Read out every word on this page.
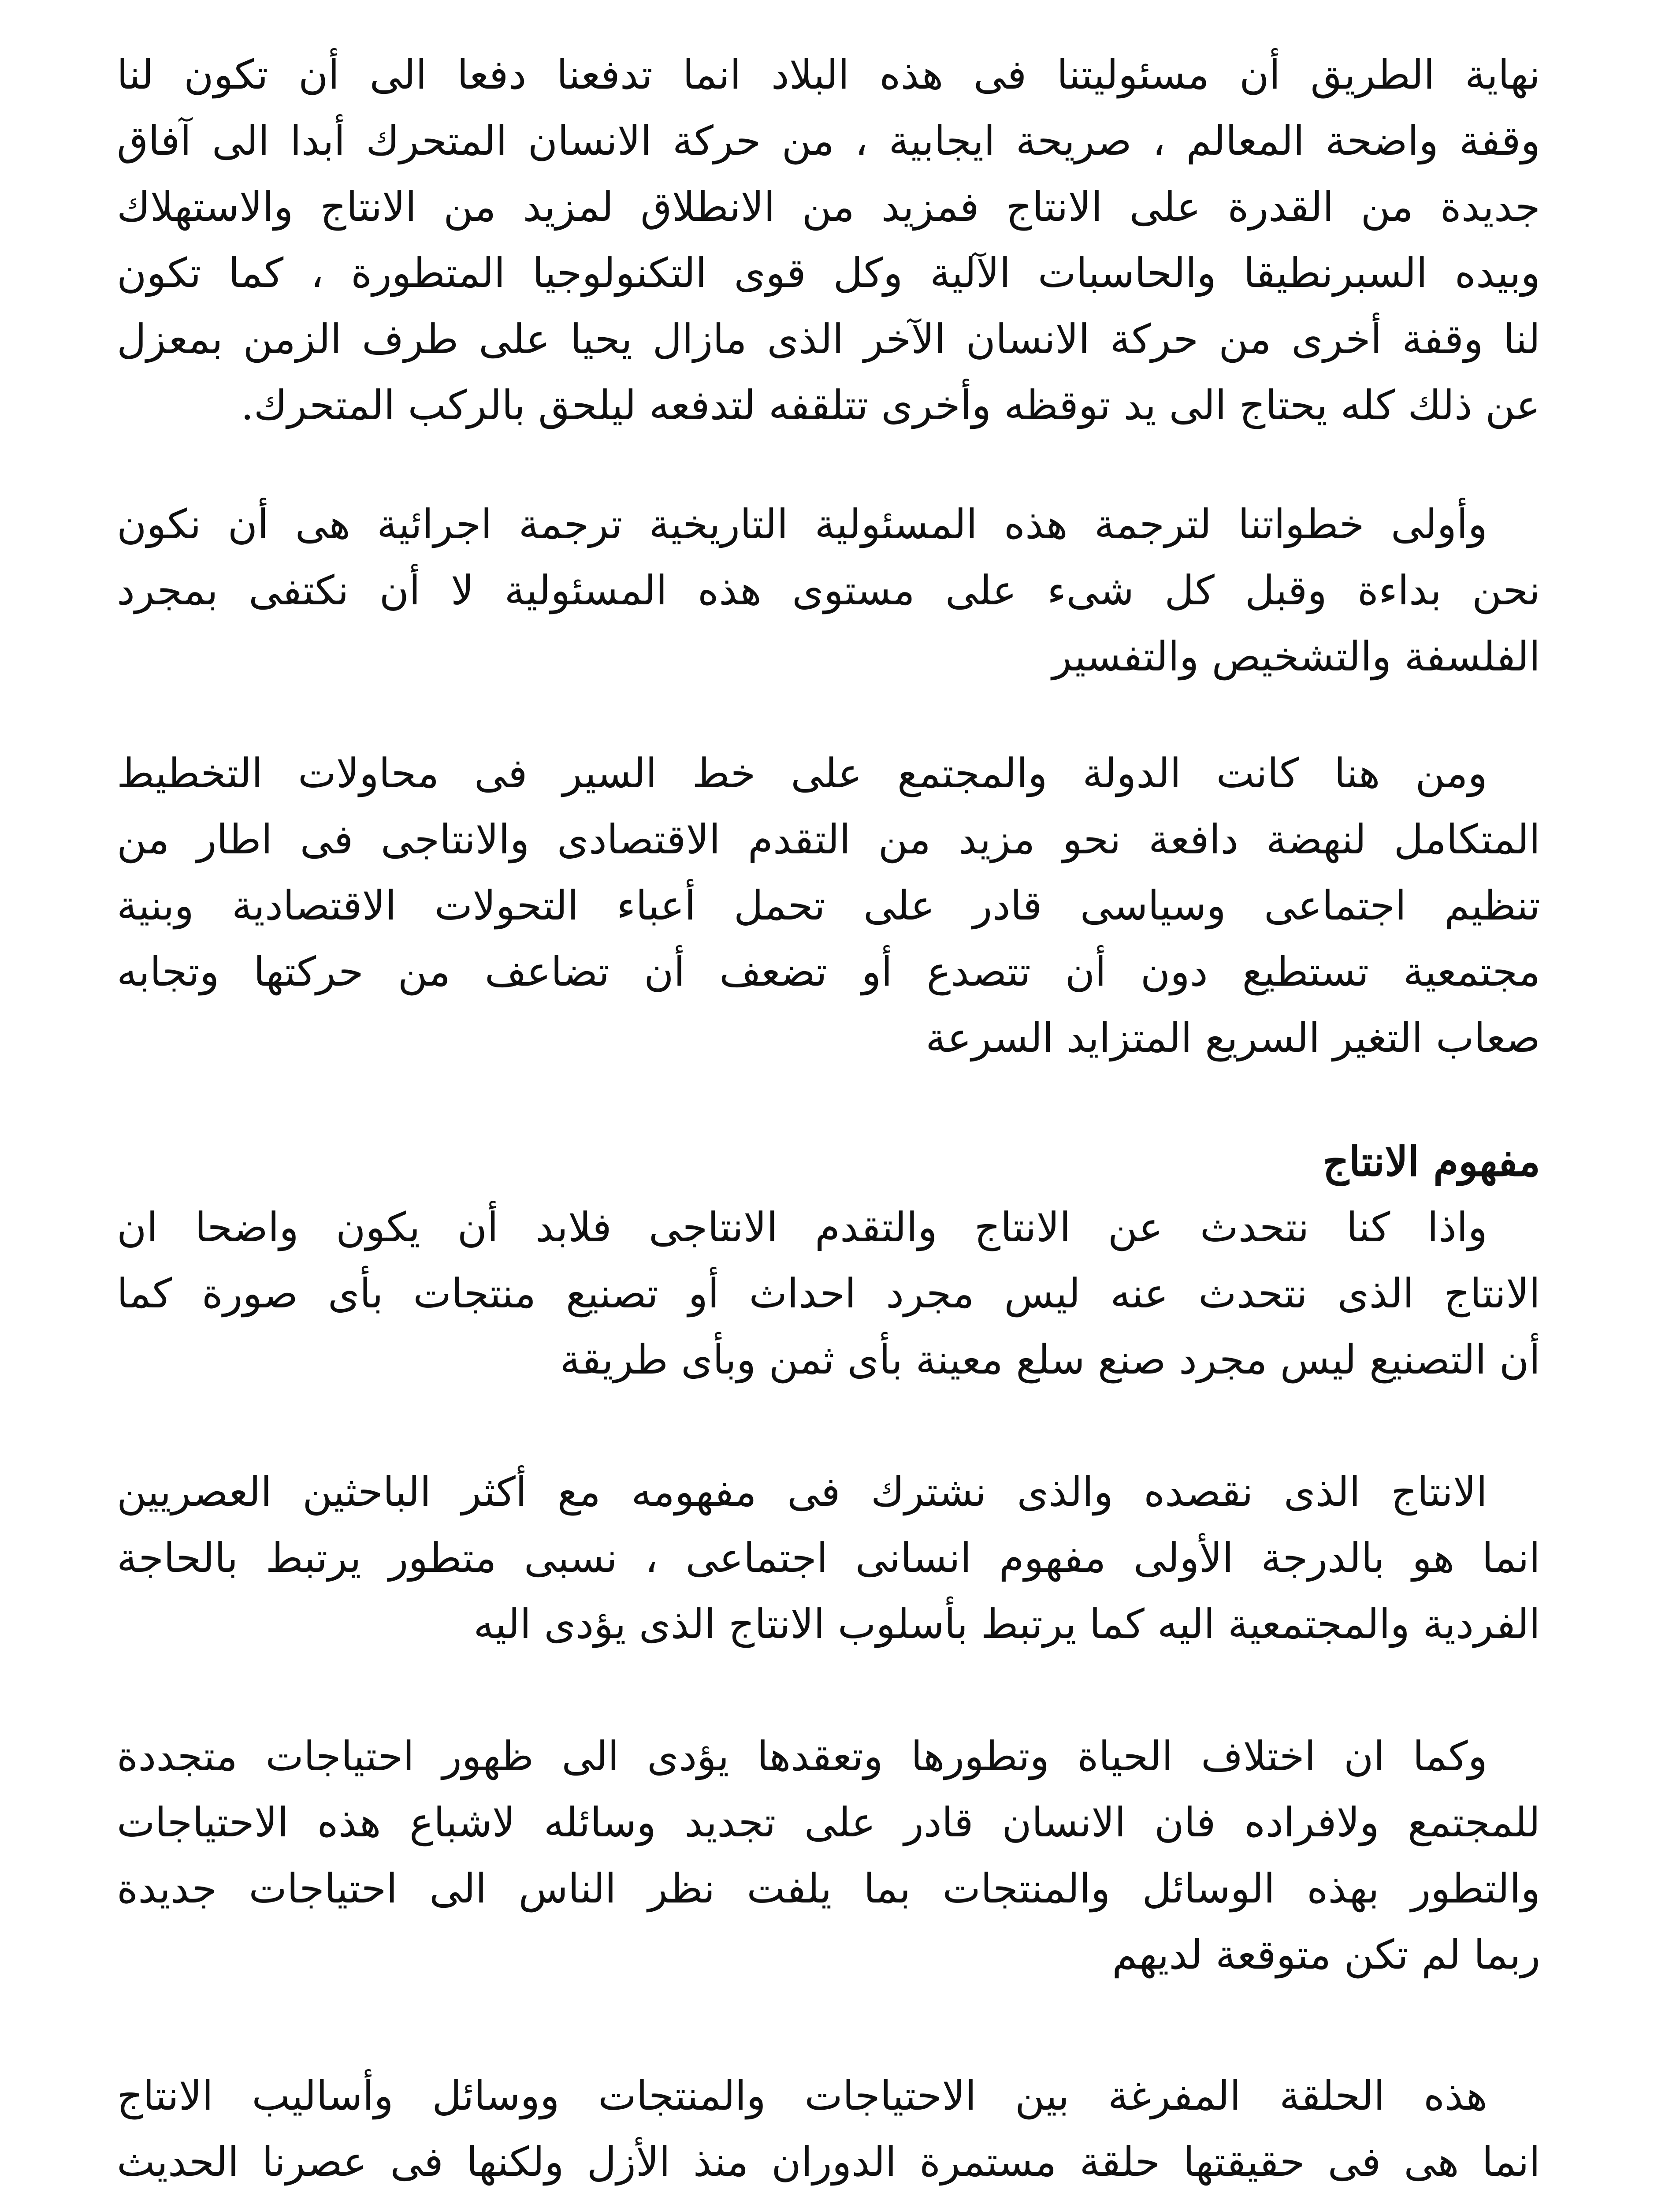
نهاية الطريق أن مسئوليتنا فى هذه البلاد انما تدفعنا دفعا الى أن تكون لنا
وقفة واضحة المعالم ، صريحة ايجابية ، من حركة الانسان المتحرك أبدا الى آفاق
جديدة من القدرة على الانتاج فمزيد من الانطلاق لمزيد من الانتاج والاستهلاك
وبيده السبرنطيقا والحاسبات الآلية وكل قوى التكنولوجيا المتطورة ، كما تكون
لنا وقفة أخرى من حركة الانسان الآخر الذى مازال يحيا على طرف الزمن بمعزل
عن ذلك كله يحتاج الى يد توقظه وأخرى تتلقفه لتدفعه ليلحق بالركب المتحرك.
وأولى خطواتنا لترجمة هذه المسئولية التاريخية ترجمة اجرائية هى أن نكون
نحن بداءة وقبل كل شىء على مستوى هذه المسئولية لا أن نكتفى بمجرد
الفلسفة والتشخيص والتفسير
ومن هنا كانت الدولة والمجتمع على خط السير فى محاولات التخطيط
المتكامل لنهضة دافعة نحو مزيد من التقدم الاقتصادى والانتاجى فى اطار من
تنظيم اجتماعى وسياسى قادر على تحمل أعباء التحولات الاقتصادية وبنية
مجتمعية تستطيع دون أن تتصدع أو تضعف أن تضاعف من حركتها وتجابه
صعاب التغير السريع المتزايد السرعة
مفهوم الانتاج
واذا كنا نتحدث عن الانتاج والتقدم الانتاجى فلابد أن يكون واضحا ان
الانتاج الذى نتحدث عنه ليس مجرد احداث أو تصنيع منتجات بأى صورة كما
أن التصنيع ليس مجرد صنع سلع معينة بأى ثمن وبأى طريقة
الانتاج الذى نقصده والذى نشترك فى مفهومه مع أكثر الباحثين العصريين
انما هو بالدرجة الأولى مفهوم انسانى اجتماعى ، نسبى متطور يرتبط بالحاجة
الفردية والمجتمعية اليه كما يرتبط بأسلوب الانتاج الذى يؤدى اليه
وكما ان اختلاف الحياة وتطورها وتعقدها يؤدى الى ظهور احتياجات متجددة
للمجتمع ولافراده فان الانسان قادر على تجديد وسائله لاشباع هذه الاحتياجات
والتطور بهذه الوسائل والمنتجات بما يلفت نظر الناس الى احتياجات جديدة
ربما لم تكن متوقعة لديهم
هذه الحلقة المفرغة بين الاحتياجات والمنتجات ووسائل وأساليب الانتاج
انما هى فى حقيقتها حلقة مستمرة الدوران منذ الأزل ولكنها فى عصرنا الحديث
